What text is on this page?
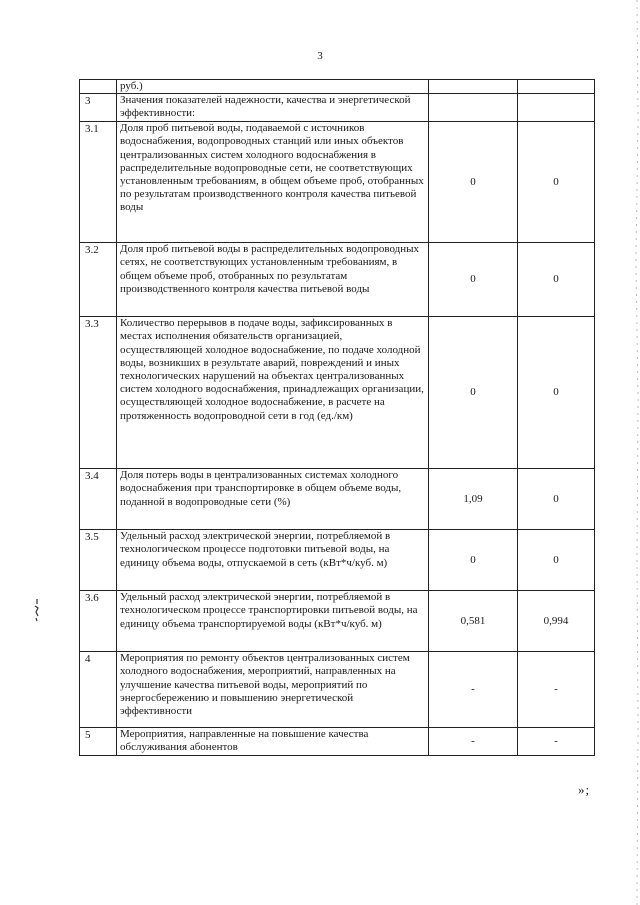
3
	руб.)		
3	Значения показателей надежности, качества и энергетической эффективности:		
3.1	Доля проб питьевой воды, подаваемой с источников водоснабжения, водопроводных станций или иных объектов централизованных систем холодного водоснабжения в распределительные водопроводные сети, не соответствующих установленным требованиям, в общем объеме проб, отобранных по результатам производственного контроля качества питьевой воды	0	0
3.2	Доля проб питьевой воды в распределительных водопроводных сетях, не соответствующих установленным требованиям, в общем объеме проб, отобранных по результатам производственного контроля качества питьевой воды	0	0
3.3	Количество перерывов в подаче воды, зафиксированных в местах исполнения обязательств организацией, осуществляющей холодное водоснабжение, по подаче холодной воды, возникших в результате аварий, повреждений и иных технологических нарушений на объектах централизованных систем холодного водоснабжения, принадлежащих организации, осуществляющей холодное водоснабжение, в расчете на протяженность водопроводной сети в год (ед./км)	0	0
3.4	Доля потерь воды в централизованных системах холодного водоснабжения при транспортировке в общем объеме воды, поданной в водопроводные сети (%)	1,09	0
3.5	Удельный расход электрической энергии, потребляемой в технологическом процессе подготовки питьевой воды, на единицу объема воды, отпускаемой в сеть (кВт*ч/куб. м)	0	0
3.6	Удельный расход электрической энергии, потребляемой в технологическом процессе транспортировки питьевой воды, на единицу объема транспортируемой воды (кВт*ч/куб. м)	0,581	0,994
4	Мероприятия по ремонту объектов централизованных систем холодного водоснабжения, мероприятий, направленных на улучшение качества питьевой воды, мероприятий по энергосбережению и повышению энергетической эффективности	-	-
5	Мероприятия, направленные на повышение качества обслуживания абонентов	-	-
»;
